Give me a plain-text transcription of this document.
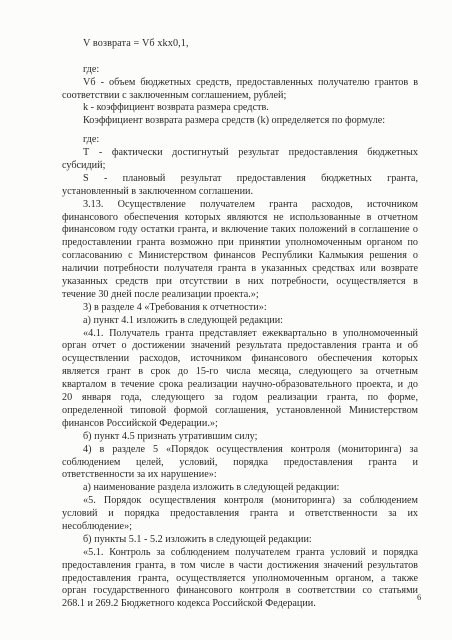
V возврата = Vб xkx0,1,
где:
Vб - объем бюджетных средств, предоставленных получателю грантов в
соответствии с заключенным соглашением, рублей;
k - коэффициент возврата размера средств.
Коэффициент возврата размера средств (k) определяется по формуле:
где:
Т - фактически достигнутый результат предоставления бюджетных
субсидий;
S - плановый результат предоставления бюджетных гранта,
установленный в заключенном соглашении.
3.13. Осуществление получателем гранта расходов, источником
финансового обеспечения которых являются не использованные в отчетном
финансовом году остатки гранта, и включение таких положений в соглашение о
предоставлении гранта возможно при принятии уполномоченным органом по
согласованию с Министерством финансов Республики Калмыкия решения о
наличии потребности получателя гранта в указанных средствах или возврате
указанных средств при отсутствии в них потребности, осуществляется в
течение 30 дней после реализации проекта.»;
3) в разделе 4 «Требования к отчетности»:
а) пункт 4.1 изложить в следующей редакции:
«4.1. Получатель гранта представляет ежеквартально в уполномоченный
орган отчет о достижении значений результата предоставления гранта и об
осуществлении расходов, источником финансового обеспечения которых
является грант в срок до 15-го числа месяца, следующего за отчетным
кварталом в течение срока реализации научно-образовательного проекта, и до
20 января года, следующего за годом реализации гранта, по форме,
определенной типовой формой соглашения, установленной Министерством
финансов Российской Федерации.»;
б) пункт 4.5 признать утратившим силу;
4) в разделе 5 «Порядок осуществления контроля (мониторинга) за
соблюдением целей, условий, порядка предоставления гранта и
ответственности за их нарушение»:
а) наименование раздела изложить в следующей редакции:
«5. Порядок осуществления контроля (мониторинга) за соблюдением
условий и порядка предоставления гранта и ответственности за их
несоблюдение»;
б) пункты 5.1 - 5.2 изложить в следующей редакции:
«5.1. Контроль за соблюдением получателем гранта условий и порядка
предоставления гранта, в том числе в части достижения значений результатов
предоставления гранта, осуществляется уполномоченным органом, а также
орган государственного финансового контроля в соответствии со статьями
268.1 и 269.2 Бюджетного кодекса Российской Федерации.
6
